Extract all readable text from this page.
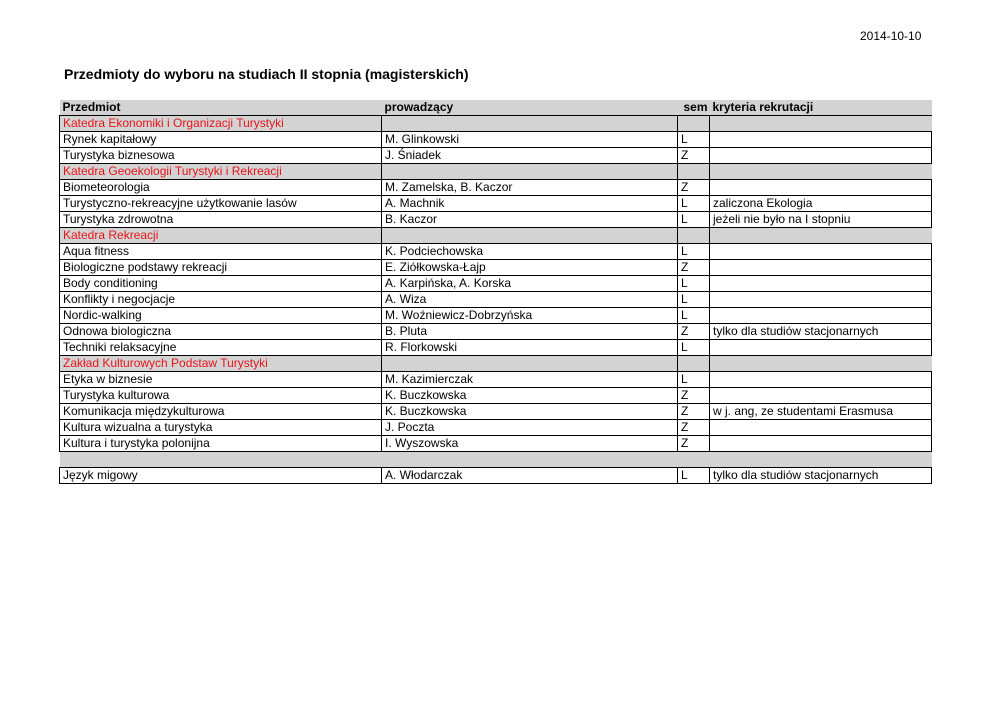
2014-10-10
Przedmioty do wyboru na studiach II stopnia (magisterskich)
Przedmiot	prowadzący	sem	kryteria rekrutacji
Katedra Ekonomiki i Organizacji Turystyki			
Rynek kapitałowy	M. Glinkowski	L	
Turystyka biznesowa	J. Śniadek	Z	
Katedra Geoekologii Turystyki i Rekreacji			
Biometeorologia	M. Zamelska, B. Kaczor	Z	
Turystyczno-rekreacyjne użytkowanie lasów	A. Machnik	L	zaliczona Ekologia
Turystyka zdrowotna	B. Kaczor	L	jeżeli nie było na I stopniu
Katedra Rekreacji			
Aqua fitness	K. Podciechowska	L	
Biologiczne podstawy rekreacji	E. Ziółkowska-Łajp	Z	
Body conditioning	A. Karpińska, A. Korska	L	
Konflikty i negocjacje	A. Wiza	L	
Nordic-walking	M. Woźniewicz-Dobrzyńska	L	
Odnowa biologiczna	B. Pluta	Z	tylko dla studiów stacjonarnych
Techniki relaksacyjne	R. Florkowski	L	
Zakład Kulturowych Podstaw Turystyki			
Etyka w biznesie	M. Kazimierczak	L	
Turystyka kulturowa	K. Buczkowska	Z	
Komunikacja międzykulturowa	K. Buczkowska	Z	w j. ang, ze studentami Erasmusa
Kultura wizualna a turystyka	J. Poczta	Z	
Kultura i turystyka polonijna	I. Wyszowska	Z	

Język migowy	A. Włodarczak	L	tylko dla studiów stacjonarnych
